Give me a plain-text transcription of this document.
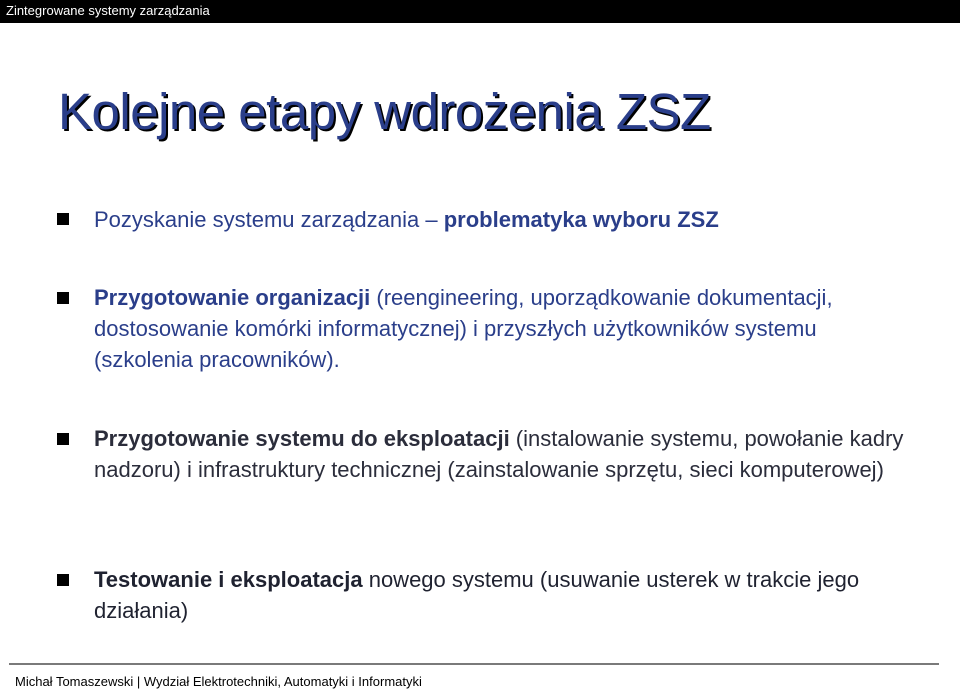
Zintegrowane systemy zarządzania
Kolejne etapy wdrożenia ZSZ
Pozyskanie systemu zarządzania – problematyka wyboru ZSZ
Przygotowanie organizacji (reengineering, uporządkowanie dokumentacji, dostosowanie komórki informatycznej) i przyszłych użytkowników systemu (szkolenia pracowników).
Przygotowanie systemu do eksploatacji (instalowanie systemu, powołanie kadry nadzoru) i infrastruktury technicznej (zainstalowanie sprzętu, sieci komputerowej)
Testowanie i eksploatacja nowego systemu (usuwanie usterek w trakcie jego działania)
Michał Tomaszewski | Wydział Elektrotechniki, Automatyki i Informatyki
